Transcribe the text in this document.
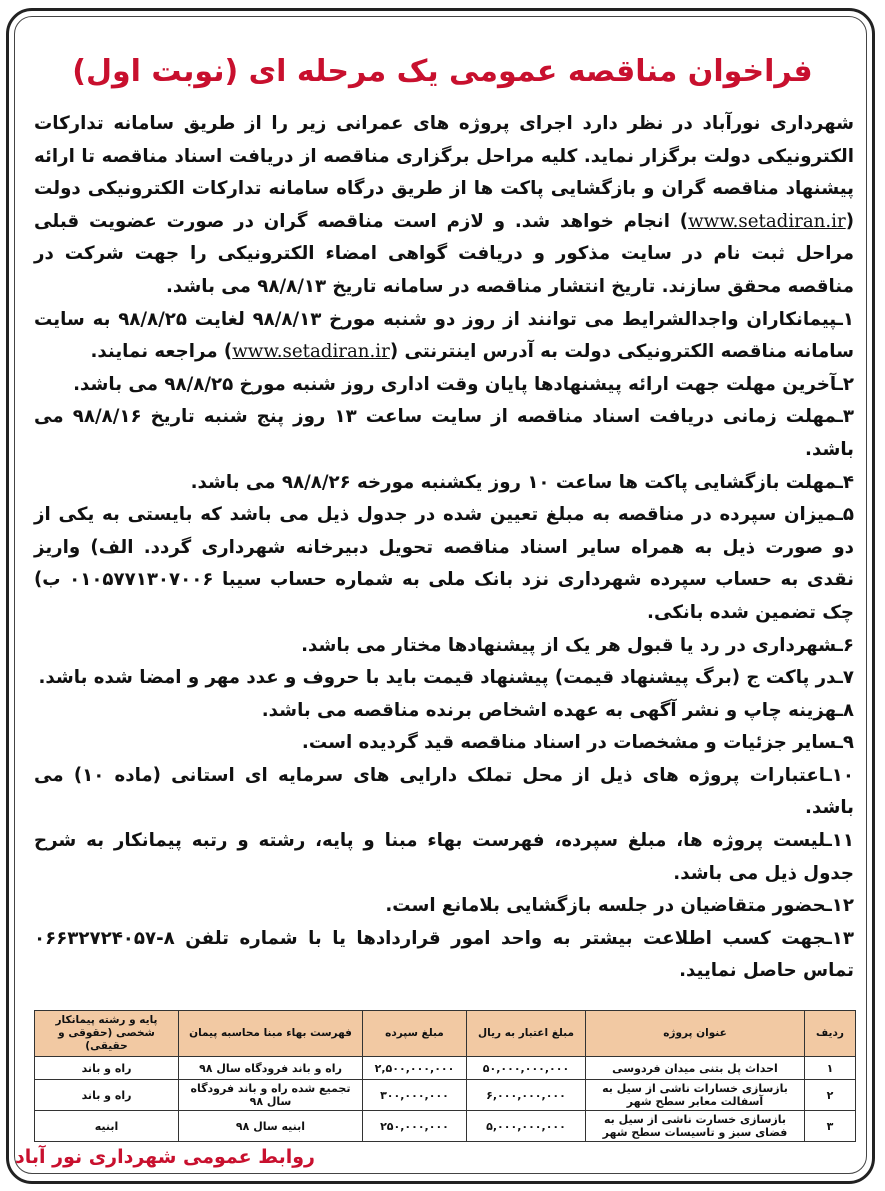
فراخوان مناقصه عمومی یک مرحله ای (نوبت اول)

شهرداری نورآباد در نظر دارد اجرای پروژه های عمرانی زیر را از طریق سامانه تدارکات الکترونیکی دولت برگزار نماید. کلیه مراحل برگزاری مناقصه از دریافت اسناد مناقصه تا ارائه پیشنهاد مناقصه گران و بازگشایی پاکت ها از طریق درگاه سامانه تدارکات الکترونیکی دولت (www.setadiran.ir) انجام خواهد شد. و لازم است مناقصه گران در صورت عضویت قبلی مراحل ثبت نام در سایت مذکور و دریافت گواهی امضاء الکترونیکی را جهت شرکت در مناقصه محقق سازند. تاریخ انتشار مناقصه در سامانه تاریخ ۹۸/۸/۱۳ می باشد.

۱ـپیمانکاران واجدالشرایط می توانند از روز دو شنبه مورخ ۹۸/۸/۱۳ لغایت ۹۸/۸/۲۵ به سایت سامانه مناقصه الکترونیکی دولت به آدرس اینترنتی (www.setadiran.ir) مراجعه نمایند.

۲ـآخرین مهلت جهت ارائه پیشنهادها پایان وقت اداری روز شنبه مورخ ۹۸/۸/۲۵ می باشد.

۳ـمهلت زمانی دریافت اسناد مناقصه از سایت ساعت ۱۳ روز پنج شنبه تاریخ ۹۸/۸/۱۶ می باشد.

۴ـمهلت بازگشایی پاکت ها ساعت ۱۰ روز یکشنبه مورخه ۹۸/۸/۲۶ می باشد.

۵ـمیزان سپرده در مناقصه به مبلغ تعیین شده در جدول ذیل می باشد که بایستی به یکی از دو صورت ذیل به همراه سایر اسناد مناقصه تحویل دبیرخانه شهرداری گردد. الف) واریز نقدی به حساب سپرده شهرداری نزد بانک ملی به شماره حساب سیبا ۰۱۰۵۷۷۱۳۰۷۰۰۶ ب) چک تضمین شده بانکی.

۶ـشهرداری در رد یا قبول هر یک از پیشنهادها مختار می باشد.

۷ـدر پاکت ج (برگ پیشنهاد قیمت) پیشنهاد قیمت باید با حروف و عدد مهر و امضا شده باشد.

۸ـهزینه چاپ و نشر آگهی به عهده اشخاص برنده مناقصه می باشد.

۹ـسایر جزئیات و مشخصات در اسناد مناقصه قید گردیده است.

۱۰ـاعتبارات پروژه های ذیل از محل تملک دارایی های سرمایه ای استانی (ماده ۱۰) می باشد.

۱۱ـلیست پروژه ها، مبلغ سپرده، فهرست بهاء مبنا و پایه، رشته و رتبه پیمانکار به شرح جدول ذیل می باشد.

۱۲ـحضور متقاضیان در جلسه بازگشایی بلامانع است.

۱۳ـجهت کسب اطلاعت بیشتر به واحد امور قراردادها یا با شماره تلفن ۸-۰۶۶۳۲۷۲۴۰۵۷ تماس حاصل نمایید.

ردیف	عنوان پروژه	مبلغ اعتبار به ریال	مبلغ سپرده	فهرست بهاء مبنا محاسبه پیمان	پایه و رشته پیمانکار شخصی (حقوقی و حقیقی)
۱	احداث پل بتنی میدان فردوسی	۵۰,۰۰۰,۰۰۰,۰۰۰	۲,۵۰۰,۰۰۰,۰۰۰	راه و باند فرودگاه سال ۹۸	راه و باند
۲	بازسازی خسارات ناشی از سیل به آسفالت معابر سطح شهر	۶,۰۰۰,۰۰۰,۰۰۰	۳۰۰,۰۰۰,۰۰۰	تجمیع شده راه و باند فرودگاه سال ۹۸	راه و باند
۳	بازسازی خسارت ناشی از سیل به فضای سبز و تاسیسات سطح شهر	۵,۰۰۰,۰۰۰,۰۰۰	۲۵۰,۰۰۰,۰۰۰	ابنیه سال ۹۸	ابنیه
روابط عمومی شهرداری نور آباد
